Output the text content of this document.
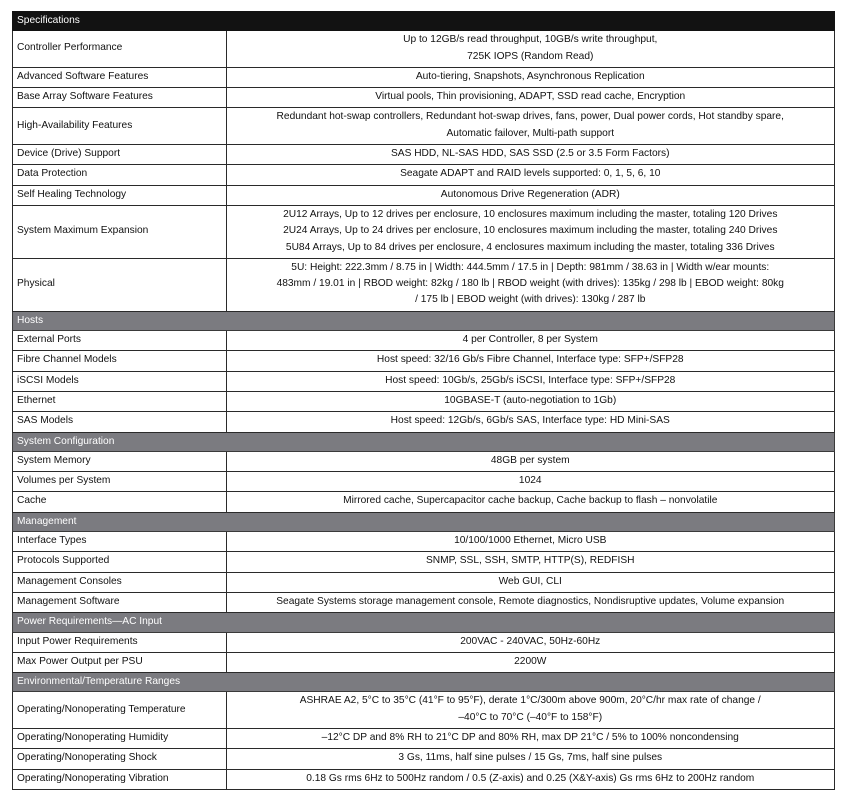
Specifications	
Controller Performance	Up to 12GB/s read throughput, 10GB/s write throughput,
725K IOPS (Random Read)

Advanced Software Features	Auto-tiering, Snapshots, Asynchronous Replication

Base Array Software Features	Virtual pools, Thin provisioning, ADAPT, SSD read cache, Encryption

High-Availability Features	Redundant hot-swap controllers, Redundant hot-swap drives, fans, power, Dual power cords, Hot standby spare,
Automatic failover, Multi-path support

Device (Drive) Support	SAS HDD, NL-SAS HDD, SAS SSD (2.5 or 3.5 Form Factors)

Data Protection	Seagate ADAPT and RAID levels supported: 0, 1, 5, 6, 10

Self Healing Technology	Autonomous Drive Regeneration (ADR)

System Maximum Expansion	2U12 Arrays, Up to 12 drives per enclosure, 10 enclosures maximum including the master, totaling 120 Drives
2U24 Arrays, Up to 24 drives per enclosure, 10 enclosures maximum including the master, totaling 240 Drives
5U84 Arrays, Up to 84 drives per enclosure, 4 enclosures maximum including the master, totaling 336 Drives

Physical	5U: Height: 222.3mm / 8.75 in | Width: 444.5mm / 17.5 in | Depth: 981mm / 38.63 in | Width w/ear mounts:
483mm / 19.01 in | RBOD weight: 82kg / 180 lb | RBOD weight (with drives): 135kg / 298 lb | EBOD weight: 80kg
/ 175 lb | EBOD weight (with drives): 130kg / 287 lb

Hosts	
External Ports	4 per Controller, 8 per System

Fibre Channel Models	Host speed: 32/16 Gb/s Fibre Channel, Interface type: SFP+/SFP28

iSCSI Models	Host speed: 10Gb/s, 25Gb/s iSCSI, Interface type: SFP+/SFP28

Ethernet	10GBASE-T (auto-negotiation to 1Gb)

SAS Models	Host speed: 12Gb/s, 6Gb/s SAS, Interface type: HD Mini-SAS

System Configuration	
System Memory	48GB per system

Volumes per System	1024

Cache	Mirrored cache, Supercapacitor cache backup, Cache backup to flash – nonvolatile

Management	
Interface Types	10/100/1000 Ethernet, Micro USB

Protocols Supported	SNMP, SSL, SSH, SMTP, HTTP(S), REDFISH

Management Consoles	Web GUI, CLI

Management Software	Seagate Systems storage management console, Remote diagnostics, Nondisruptive updates, Volume expansion

Power Requirements—AC Input	
Input Power Requirements	200VAC - 240VAC, 50Hz-60Hz

Max Power Output per PSU	2200W

Environmental/Temperature Ranges	
Operating/Nonoperating Temperature	ASHRAE A2, 5°C to 35°C (41°F to 95°F), derate 1°C/300m above 900m, 20°C/hr max rate of change /
–40°C to 70°C (–40°F to 158°F)

Operating/Nonoperating Humidity	–12°C DP and 8% RH to 21°C DP and 80% RH, max DP 21°C / 5% to 100% noncondensing

Operating/Nonoperating Shock	3 Gs, 11ms, half sine pulses / 15 Gs, 7ms, half sine pulses

Operating/Nonoperating Vibration	0.18 Gs rms 6Hz to 500Hz random / 0.5 (Z-axis) and 0.25 (X&Y-axis) Gs rms 6Hz to 200Hz random
